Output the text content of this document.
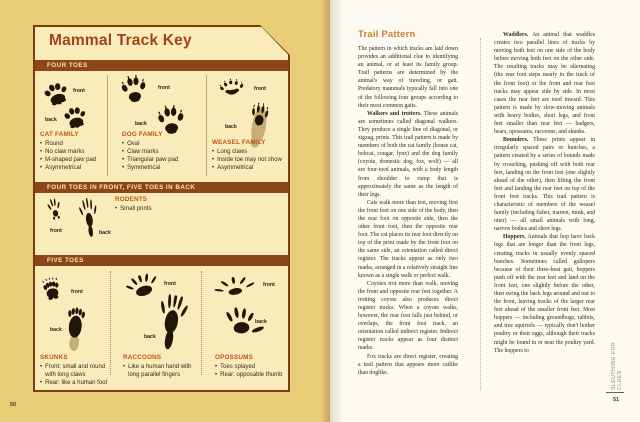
Mammal Track Key
FOUR TOES
front
back
front
back
front
back
CAT FAMILY
• Round
• No claw marks
• M-shaped paw pad
• Asymmetrical
DOG FAMILY
• Oval
• Claw marks
• Triangular paw pad
• Symmetrical
WEASEL FAMILY
• Long claws
• Inside toe may not show
• Asymmetrical
FOUR TOES IN FRONT, FIVE TOES IN BACK
front	back
RODENTS
• Small prints
FIVE TOES
front
back
front
back
front
back
SKUNKS
• Front: small and round with long claws
• Rear: like a human foot
RACCOONS
• Like a human hand with long parallel fingers
OPOSSUMS
• Toes splayed
• Rear: opposable thumb
50
Trail Pattern

The pattern in which tracks are laid down provides an additional clue to identifying an animal, or at least its family group. Trail patterns are determined by the animal's way of traveling, or gait. Predatory mammals typically fall into one of the following four groups according to their most common gaits.

Walkers and trotters. These animals are sometimes called diagonal walkers. They produce a single line of diagonal, or zigzag, prints. This trail pattern is made by members of both the cat family (house cat, bobcat, cougar, lynx) and the dog family (coyote, domestic dog, fox, wolf) — all are four-toed animals, with a body length from shoulder to rump that is approximately the same as the length of their legs.

Cats walk more than trot, moving first the front foot on one side of the body, then the rear foot on opposite side, then the other front foot, then the opposite rear foot. The cat places its rear foot directly on top of the print made by the front foot on the same side, an orientation called direct register. The tracks appear as only two marks, arranged in a relatively straight line known as a single walk or perfect walk.

Coyotes trot more than walk, moving the front and opposite rear feet together. A trotting coyote also produces direct register tracks. When a coyote walks, however, the rear foot falls just behind, or overlaps, the front foot track, an orientation called indirect register. Indirect register tracks appear as four distinct marks.

Fox tracks are direct register, creating a trail pattern that appears more catlike than doglike.

Waddlers. An animal that waddles creates two parallel lines of tracks by moving both feet on one side of the body before moving both feet on the other side. The resulting tracks may be alternating (the rear foot steps nearly in the track of the front foot) or the front and rear foot tracks may appear side by side. In most cases the rear feet are toed inward. This pattern is made by slow-moving animals with heavy bodies, short legs, and front feet smaller than rear feet — badgers, bears, opossums, raccoons, and skunks.

Bounders. These prints appear in irregularly spaced pairs or bunches, a pattern created by a series of bounds made by crouching, pushing off with both rear feet, landing on the front feet (one slightly ahead of the other), then lifting the front feet and landing the rear feet on top of the front foot tracks. This trail pattern is characteristic of members of the weasel family (including fisher, marten, mink, and otter) — all small animals with long, narrow bodies and short legs.

Hoppers. Animals that hop have back legs that are longer than the front legs, creating tracks in usually evenly spaced bunches. Sometimes called gallopers because of their three-beat gait, hoppers push off with the rear feet and land on the front feet, one slightly before the other, then swing the back legs around and out to the front, leaving tracks of the larger rear feet ahead of the smaller front feet. Most hoppers — including groundhogs, rabbits, and tree squirrels — typically don't bother poultry or their eggs, although their tracks might be found in or near the poultry yard. The hoppers to	SLEUTHING FOR CLUES
51
